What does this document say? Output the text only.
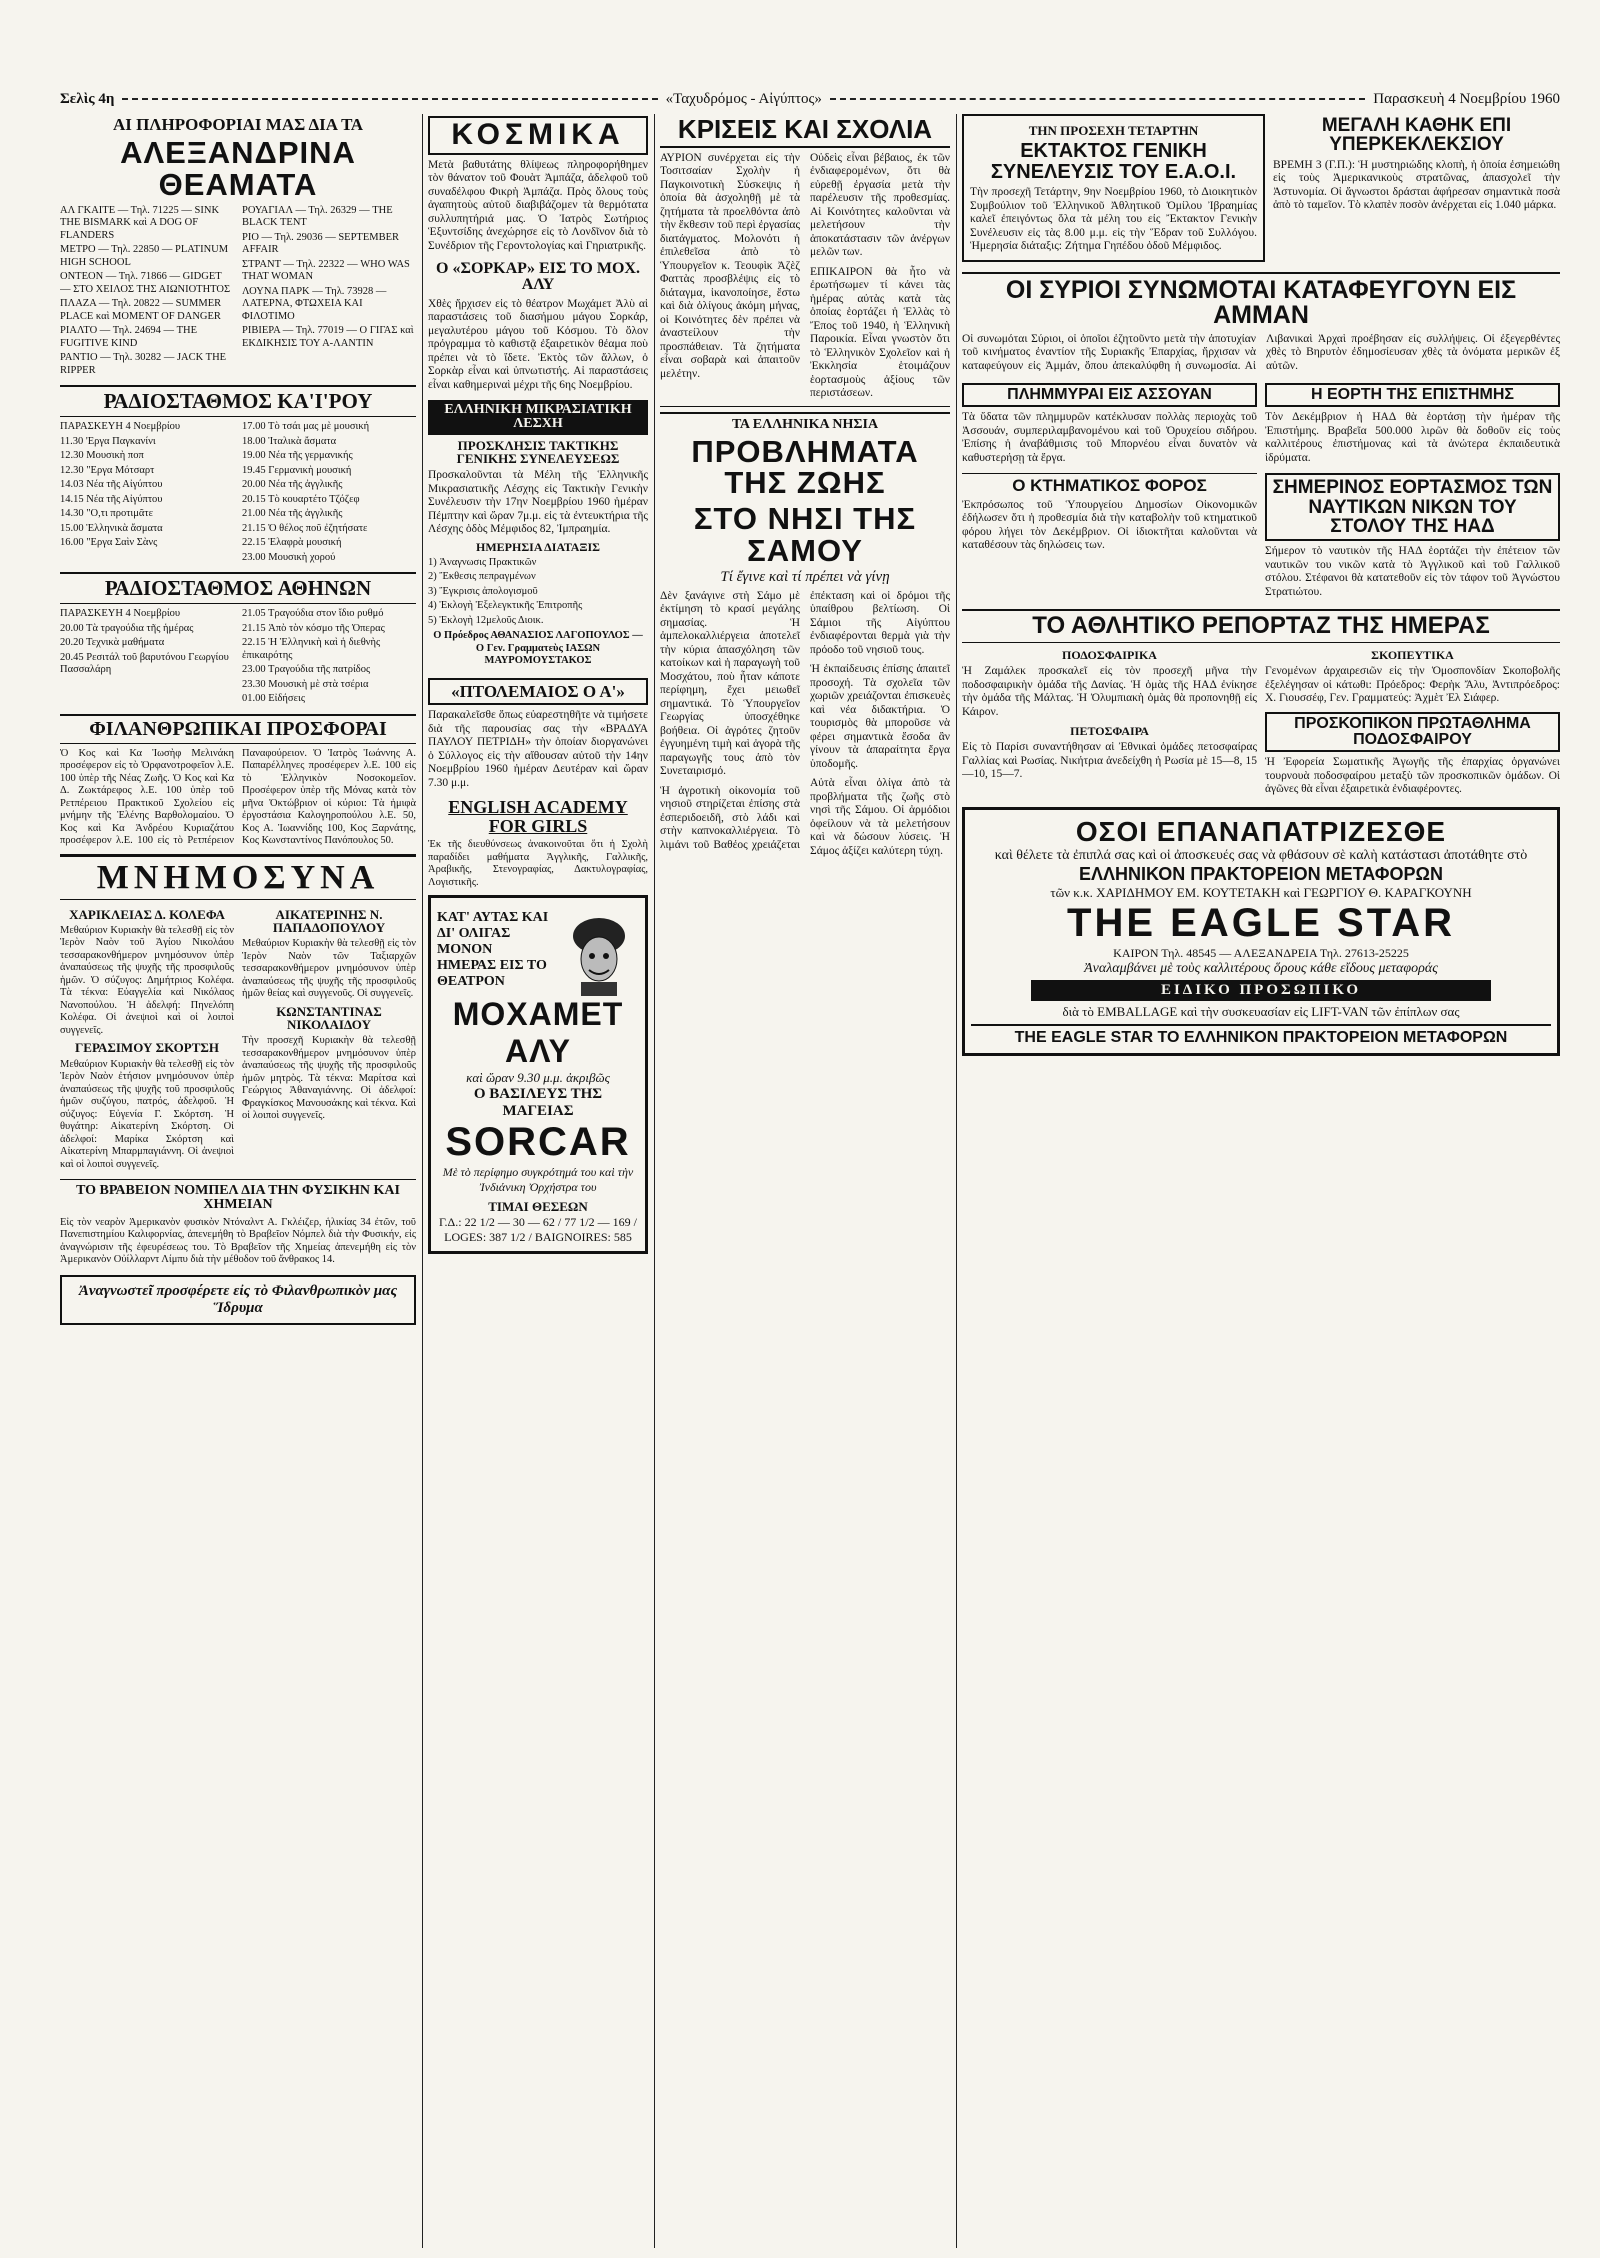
Σελὶς 4η	«Ταχυδρόμος - Αἰγύπτος»	Παρασκευὴ 4 Νοεμβρίου 1960
ΑΙ ΠΛΗΡΟΦΟΡΙΑΙ ΜΑΣ ΔΙΑ ΤΑ
ΑΛΕΞΑΝΔΡΙΝΑ ΘΕΑΜΑΤΑ
ΑΛ ΓΚΑΙΤΕ — Τηλ. 71225 — SINK THE BISMARK καὶ A DOG OF FLANDERS
ΜΕΤΡΟ — Τηλ. 22850 — PLATINUM HIGH SCHOOL
ΟΝΤΕΟΝ — Τηλ. 71866 — GIDGET — ΣΤΟ ΧΕΙΛΟΣ ΤΗΣ ΑΙΩΝΙΟΤΗΤΟΣ
ΠΛΑΖΑ — Τηλ. 20822 — SUMMER PLACE καὶ MOMENT OF DANGER
ΡΙΑΛΤΟ — Τηλ. 24694 — THE FUGITIVE KIND
ΡΑΝΤΙΟ — Τηλ. 30282 — JACK THE RIPPER
ΡΟΥΑΓΙΑΛ — Τηλ. 26329 — THE BLACK TENT
ΡΙΟ — Τηλ. 29036 — SEPTEMBER AFFAIR
ΣΤΡΑΝΤ — Τηλ. 22322 — WHO WAS THAT WOMAN
ΛΟΥΝΑ ΠΑΡΚ — Τηλ. 73928 — ΛΑΤΕΡΝΑ, ΦΤΩΧΕΙΑ ΚΑΙ ΦΙΛΟΤΙΜΟ
ΡΙΒΙΕΡΑ — Τηλ. 77019 — Ο ΓΙΓΑΣ καὶ ΕΚΔΙΚΗΣΙΣ ΤΟΥ Α-ΛΑΝΤΙΝ
ΡΑΔΙΟΣΤΑΘΜΟΣ ΚΑ'Ι'ΡΟΥ
ΠΑΡΑΣΚΕΥΗ 4 Νοεμβρίου
11.30 'Εργα Παγκανίνι
12.30 Μουσικὴ ποπ
12.30 "Εργα Μότσαρτ
14.03 Νέα τῆς Αἰγύπτου
14.15 Νέα τῆς Αἰγύπτου
14.30 "Ο,τι προτιμᾶτε
15.00 Ἑλληνικὰ ἄσματα
16.00 "Εργα Σαὶν Σὰνς
17.00 Τὸ τσάι μας μὲ μουσική
18.00 Ἰταλικὰ ἄσματα
19.00 Νέα τῆς γερμανικής
19.45 Γερμανικὴ μουσική
20.00 Νέα τῆς ἀγγλικῆς
20.15 Τὸ κουαρτέτο Τζόζεφ
21.00 Νέα τῆς ἀγγλικῆς
21.15 Ὁ θέλος ποῦ ἐζητήσατε
22.15 Ἐλαφρὰ μουσική
23.00 Μουσικὴ χορού
ΡΑΔΙΟΣΤΑΘΜΟΣ ΑΘΗΝΩΝ
ΠΑΡΑΣΚΕΥΗ 4 Νοεμβρίου
20.00 Τὰ τραγούδια τῆς ἡμέρας
20.20 Τεχνικὰ μαθήματα
20.45 Ρεσιτάλ τοῦ βαρυτόνου Γεωργίου Πασσαλάρη
21.05 Τραγούδια στον ἴδιο ρυθμό
21.15 Ἀπὸ τὸν κόσμο τῆς Ὀπερας
22.15 Ἡ Ἑλληνικὴ καὶ ἡ διεθνὴς ἐπικαιρότης
23.00 Τραγούδια τῆς πατρίδος
23.30 Μουσικὴ μὲ στὰ τσέρια
01.00 Εἰδήσεις
ΦΙΛΑΝΘΡΩΠΙΚΑΙ ΠΡΟΣΦΟΡΑΙ
Ὁ Κος καὶ Κα Ἰωσὴφ Μελινάκη προσέφερον εἰς τὸ Ὀρφανοτροφεῖον λ.Ε. 100 ὑπὲρ τῆς Νέας Ζωῆς. Ὁ Κος καὶ Κα Δ. Ζωκτάρεφος λ.Ε. 100 ὑπὲρ τοῦ Ρετπέρειου Πρακτικοῦ Σχολείου εἰς μνήμην τῆς Ἑλένης Βαρθολομαίου. Ὁ Κος καὶ Κα Ἀνδρέου Κυριαζάτου προσέφερον λ.Ε. 100 εἰς τὸ Ρετπέρειον Παναφούρειον. Ὁ Ἰατρὸς Ἰωάννης Α. Παπαρέλληνες προσέφερεν λ.Ε. 100 εἰς τὸ Ἑλληνικὸν Νοσοκομεῖον. Προσέφερον ὑπὲρ τῆς Μόνας κατὰ τὸν μῆνα Ὀκτώβριον οἱ κύριοι: Τὰ ἡμιφὰ ἐργοστάσια Καλογηροπούλου λ.Ε. 50, Κος Α. Ἰωαννίδης 100, Κος Ξαρνάτης, Κος Κωνσταντίνος Πανόπουλος 50.
ΜΝΗΜΟΣΥΝΑ
ΧΑΡΙΚΛΕΙΑΣ Δ. ΚΟΛΕΦΑ
Μεθαύριον Κυριακὴν θὰ τελεσθῇ εἰς τὸν Ἱερὸν Ναὸν τοῦ Ἁγίου Νικολάου τεσσαρακονθήμερον μνημόσυνον ὑπὲρ ἀναπαύσεως τῆς ψυχῆς τῆς προσφιλοῦς ἡμῶν. Ὁ σύζυγος: Δημήτριος Κολέφα. Τὰ τέκνα: Εὐαγγελία καὶ Νικόλαος Νανοπούλου. Ἡ ἀδελφή: Πηνελόπη Κολέφα. Οἱ ἀνεψιοὶ καὶ οἱ λοιποὶ συγγενεῖς.
ΓΕΡΑΣΙΜΟΥ ΣΚΟΡΤΣΗ
Μεθαύριον Κυριακὴν θὰ τελεσθῇ εἰς τὸν Ἱερὸν Ναὸν ἐτήσιον μνημόσυνον ὑπὲρ ἀναπαύσεως τῆς ψυχῆς τοῦ προσφιλοῦς ἡμῶν συζύγου, πατρός, ἀδελφοῦ. Ἡ σύζυγος: Εὐγενία Γ. Σκόρτση. Ἡ θυγάτηρ: Αἰκατερίνη Σκόρτση. Οἱ ἀδελφοί: Μαρίκα Σκόρτση καὶ Αἰκατερίνη Μπαρμπαγιάννη. Οἱ ἀνεψιοὶ καὶ οἱ λοιποὶ συγγενεῖς.
ΑΙΚΑΤΕΡΙΝΗΣ Ν. ΠΑΠΑΔΟΠΟΥΛΟΥ
Μεθαύριον Κυριακὴν θὰ τελεσθῇ εἰς τὸν Ἱερὸν Ναὸν τῶν Ταξιαρχῶν τεσσαρακονθήμερον μνημόσυνον ὑπὲρ ἀναπαύσεως τῆς ψυχῆς τῆς προσφιλοῦς ἡμῶν θείας καὶ συγγενοῦς. Οἱ συγγενεῖς.
ΚΩΝΣΤΑΝΤΙΝΑΣ ΝΙΚΟΛΑΙΔΟΥ
Τὴν προσεχῆ Κυριακὴν θὰ τελεσθῇ τεσσαρακονθήμερον μνημόσυνον ὑπὲρ ἀναπαύσεως τῆς ψυχῆς τῆς προσφιλοῦς ἡμῶν μητρὸς. Τὰ τέκνα: Μαρίτσα καὶ Γεώργιος Ἀθαναγιάννης. Οἱ ἀδελφοί: Φραγκίσκος Μανουσάκης καὶ τέκνα. Καὶ οἱ λοιποὶ συγγενεῖς.
ΤΟ ΒΡΑΒΕΙΟΝ ΝΟΜΠΕΛ ΔΙΑ ΤΗΝ ΦΥΣΙΚΗΝ ΚΑΙ ΧΗΜΕΙΑΝ
Εἰς τὸν νεαρὸν Ἀμερικανὸν φυσικὸν Ντόναλντ Α. Γκλέιζερ, ἡλικίας 34 ἐτῶν, τοῦ Πανεπιστημίου Καλιφορνίας, ἀπενεμήθη τὸ Βραβεῖον Νόμπελ διὰ τὴν Φυσικήν, εἰς ἀναγνώρισιν τῆς ἐφευρέσεως του. Τὸ Βραβεῖον τῆς Χημείας ἀπενεμήθη εἰς τὸν Ἀμερικανὸν Οὐίλλαρντ Λίμπυ διὰ τὴν μέθοδον τοῦ ἄνθρακος 14.
Ἀναγνωστεῖ προσφέρετε εἰς τὸ Φιλανθρωπικὸν μας Ἵδρυμα
ΚΟΣΜΙΚΑ
Μετὰ βαθυτάτης θλίψεως πληροφορήθημεν τὸν θάνατον τοῦ Φουὰτ Ἀμπάζα, ἀδελφοῦ τοῦ συναδέλφου Φικρὴ Ἀμπάζα. Πρὸς ὅλους τοὺς ἀγαπητοὺς αὐτοῦ διαβιβάζομεν τὰ θερμότατα συλλυπητήριά μας. Ὁ Ἰατρὸς Σωτήριος Ἑξυντσίδης ἀνεχώρησε εἰς τὸ Λονδῖνον διὰ τὸ Συνέδριον τῆς Γεροντολογίας καὶ Γηριατρικῆς.
Ο «ΣΟΡΚΑΡ» ΕΙΣ ΤΟ ΜΟΧ. ΑΛΥ
Χθὲς ἤρχισεν εἰς τὸ θέατρον Μωχάμετ Ἀλὺ αἱ παραστάσεις τοῦ διασήμου μάγου Σορκάρ, μεγαλυτέρου μάγου τοῦ Κόσμου. Τὸ ὅλον πρόγραμμα τὸ καθιστᾷ ἐξαιρετικὸν θέαμα ποὺ πρέπει νὰ τὸ ἴδετε. Ἐκτὸς τῶν ἄλλων, ὁ Σορκὰρ εἶναι καὶ ὑπνωτιστής. Αἱ παραστάσεις εἶναι καθημεριναὶ μέχρι τῆς 6ης Νοεμβρίου.
ΕΛΛΗΝΙΚΗ ΜΙΚΡΑΣΙΑΤΙΚΗ ΛΕΣΧΗ
ΠΡΟΣΚΛΗΣΙΣ ΤΑΚΤΙΚΗΣ ΓΕΝΙΚΗΣ ΣΥΝΕΛΕΥΣΕΩΣ
Προσκαλοῦνται τὰ Μέλη τῆς Ἑλληνικῆς Μικρασιατικῆς Λέσχης εἰς Τακτικὴν Γενικὴν Συνέλευσιν τὴν 17ην Νοεμβρίου 1960 ἡμέραν Πέμπτην καὶ ὥραν 7μ.μ. εἰς τὰ ἐντευκτήρια τῆς Λέσχης ὁδὸς Μέμφιδος 82, Ἰμπραημία.
ΗΜΕΡΗΣΙΑ ΔΙΑΤΑΞΙΣ
1) Ἀναγνωσις Πρακτικῶν
2) Ἔκθεσις πεπραγμένων
3) Ἔγκρισις ἀπολογισμοῦ
4) Ἐκλογὴ Ἐξελεγκτικῆς Ἐπιτροπῆς
5) Ἐκλογὴ 12μελοῦς Διοικ.
Ο Πρόεδρος ΑΘΑΝΑΣΙΟΣ ΛΑΓΟΠΟΥΛΟΣ — Ο Γεν. Γραμματεὺς ΙΑΣΩΝ ΜΑΥΡΟΜΟΥΣΤΑΚΟΣ
«ΠΤΟΛΕΜΑΙΟΣ Ο Α'»
Παρακαλεῖσθε ὅπως εὐαρεστηθῆτε νὰ τιμήσετε διὰ τῆς παρουσίας σας τὴν «ΒΡΑΔΥΑ ΠΑΥΛΟΥ ΠΕΤΡΙΔΗ» τὴν ὁποίαν διοργανώνει ὁ Σύλλογος εἰς τὴν αἴθουσαν αὐτοῦ τὴν 14ην Νοεμβρίου 1960 ἡμέραν Δευτέραν καὶ ὥραν 7.30 μ.μ.
ENGLISH ACADEMY FOR GIRLS
Ἐκ τῆς διευθύνσεως ἀνακοινοῦται ὅτι ἡ Σχολὴ παραδίδει μαθήματα Ἀγγλικῆς, Γαλλικῆς, Ἀραβικῆς, Στενογραφίας, Δακτυλογραφίας, Λογιστικῆς.
ΚΑΤ' ΑΥΤΑΣ ΚΑΙ ΔΙ' ΟΛΙΓΑΣ ΜΟΝΟΝ ΗΜΕΡΑΣ ΕΙΣ ΤΟ ΘΕΑΤΡΟΝ
ΜΟΧΑΜΕΤ ΑΛΥ
καὶ ὥραν 9.30 μ.μ. ἀκριβῶς
Ο ΒΑΣΙΛΕΥΣ ΤΗΣ ΜΑΓΕΙΑΣ
SORCAR
Μὲ τὸ περίφημο συγκρότημά του καὶ τὴν Ἰνδιάνικη Ὀρχήστρα του
ΤΙΜΑΙ ΘΕΣΕΩΝ
Γ.Δ.: 22 1/2 — 30 — 62 / 77 1/2 — 169 / LOGES: 387 1/2 / BAIGNOIRES: 585
ΚΡΙΣΕΙΣ ΚΑΙ ΣΧΟΛΙΑ

ΑΥΡΙΟΝ συνέρχεται εἰς τὴν Τοσιτσαίαν Σχολὴν ἡ Παγκοινοτικὴ Σύσκεψις ἡ ὁποία θὰ ἀσχοληθῇ μὲ τὰ ζητήματα τὰ προελθόντα ἀπὸ τὴν ἔκθεσιν τοῦ περὶ ἐργασίας διατάγματος. Μολονότι ἡ ἐπιλεθεῖσα ἀπὸ τὸ Ὑπουργεῖον κ. Τεουφὶκ Ἀζὲζ Φαττὰς προσβλέψις εἰς τὸ διάταγμα, ἱκανοποίησε, ἔστω καὶ διὰ ὀλίγους ἀκόμη μήνας, οἱ Κοινότητες δὲν πρέπει νὰ ἀναστείλουν τὴν προσπάθειαν. Τὰ ζητήματα εἶναι σοβαρὰ καὶ ἀπαιτοῦν μελέτην.

Οὐδεὶς εἶναι βέβαιος, ἐκ τῶν ἐνδιαφερομένων, ὅτι θὰ εὐρεθῇ ἐργασία μετὰ τὴν παρέλευσιν τῆς προθεσμίας. Αἱ Κοινότητες καλοῦνται νὰ μελετήσουν τὴν ἀποκατάστασιν τῶν ἀνέργων μελῶν των.

ΕΠΙΚΑΙΡΟΝ θὰ ἦτο νὰ ἐρωτήσωμεν τί κάνει τὰς ἡμέρας αὐτὰς κατὰ τὰς ὁποίας ἑορτάζει ἡ Ἑλλὰς τὸ Ἔπος τοῦ 1940, ἡ Ἑλληνικὴ Παροικία. Εἶναι γνωστὸν ὅτι τὸ Ἑλληνικὸν Σχολεῖον καὶ ἡ Ἐκκλησία ἑτοιμάζουν ἑορτασμοὺς ἀξίους τῶν περιστάσεων.

ΤΑ ΕΛΛΗΝΙΚΑ ΝΗΣΙΑ
ΠΡΟΒΛΗΜΑΤΑ ΤΗΣ ΖΩΗΣ
ΣΤΟ ΝΗΣΙ ΤΗΣ ΣΑΜΟΥ
Τί ἔγινε καὶ τί πρέπει νὰ γίνῃ

Δὲν ξανάγινε στὴ Σάμο μὲ ἐκτίμηση τὸ κρασί μεγάλης σημασίας. Ἡ ἀμπελοκαλλιέργεια ἀποτελεῖ τὴν κύρια ἀπασχόληση τῶν κατοίκων καὶ ἡ παραγωγὴ τοῦ Μοσχάτου, ποὺ ἦταν κάποτε περίφημη, ἔχει μειωθεῖ σημαντικά. Τὸ Ὑπουργεῖον Γεωργίας ὑποσχέθηκε βοήθεια. Οἱ ἀγρότες ζητοῦν ἐγγυημένη τιμὴ καὶ ἀγορὰ τῆς παραγωγῆς τους ἀπὸ τὸν Συνεταιρισμό.

Ἡ ἀγροτικὴ οἰκονομία τοῦ νησιοῦ στηρίζεται ἐπίσης στὰ ἐσπεριδοειδῆ, στὸ λάδι καὶ στὴν καπνοκαλλιέργεια. Τὸ λιμάνι τοῦ Βαθέος χρειάζεται ἐπέκταση καὶ οἱ δρόμοι τῆς ὑπαίθρου βελτίωση. Οἱ Σάμιοι τῆς Αἰγύπτου ἐνδιαφέρονται θερμὰ γιὰ τὴν πρόοδο τοῦ νησιοῦ τους.

Ἡ ἐκπαίδευσις ἐπίσης ἀπαιτεῖ προσοχή. Τὰ σχολεῖα τῶν χωριῶν χρειάζονται ἐπισκευὲς καὶ νέα διδακτήρια. Ὁ τουρισμὸς θὰ μποροῦσε νὰ φέρει σημαντικὰ ἔσοδα ἂν γίνουν τὰ ἀπαραίτητα ἔργα ὑποδομῆς.

Αὐτὰ εἶναι ὀλίγα ἀπὸ τὰ προβλήματα τῆς ζωῆς στὸ νησὶ τῆς Σάμου. Οἱ ἁρμόδιοι ὀφείλουν νὰ τὰ μελετήσουν καὶ νὰ δώσουν λύσεις. Ἡ Σάμος ἀξίζει καλύτερη τύχη.

ΤΗΝ ΠΡΟΣΕΧΗ ΤΕΤΑΡΤΗΝ
ΕΚΤΑΚΤΟΣ ΓΕΝΙΚΗ ΣΥΝΕΛΕΥΣΙΣ ΤΟΥ Ε.Α.Ο.Ι.
Τὴν προσεχῆ Τετάρτην, 9ην Νοεμβρίου 1960, τὸ Διοικητικὸν Συμβούλιον τοῦ Ἑλληνικοῦ Ἀθλητικοῦ Ὁμίλου Ἰβραημίας καλεῖ ἐπειγόντως ὅλα τὰ μέλη του εἰς Ἔκτακτον Γενικὴν Συνέλευσιν εἰς τὰς 8.00 μ.μ. εἰς τὴν Ἕδραν τοῦ Συλλόγου. Ἡμερησία διάταξις: Ζήτημα Γηπέδου ὁδοῦ Μέμφιδος.
ΜΕΓΑΛΗ ΚΑΘΗΚ ΕΠΙ ΥΠΕΡΚΕΚΛΕΚΣΙΟΥ
ΒΡΕΜΗ 3 (Γ.Π.): Ἡ μυστηριώδης κλοπὴ, ἡ ὁποία ἐσημειώθη εἰς τοὺς Ἀμερικανικοὺς στρατῶνας, ἀπασχολεῖ τὴν Ἀστυνομία. Οἱ ἄγνωστοι δράσται ἀφήρεσαν σημαντικὰ ποσὰ ἀπὸ τὸ ταμεῖον. Τὸ κλαπὲν ποσὸν ἀνέρχεται εἰς 1.040 μάρκα.
ΟΙ ΣΥΡΙΟΙ ΣΥΝΩΜΟΤΑΙ ΚΑΤΑΦΕΥΓΟΥΝ ΕΙΣ ΑΜΜΑΝ
Οἱ συνωμόται Σύριοι, οἱ ὁποῖοι ἐζητοῦντο μετὰ τὴν ἀποτυχίαν τοῦ κινήματος ἐναντίον τῆς Συριακῆς Ἐπαρχίας, ἤρχισαν νὰ καταφεύγουν εἰς Ἀμμάν, ὅπου ἀπεκαλύφθη ἡ συνωμοσία. Αἱ Λιβανικαὶ Ἀρχαὶ προέβησαν εἰς συλλήψεις. Οἱ ἐξεγερθέντες χθὲς τὸ Βηρυτὸν ἐδημοσίευσαν χθὲς τὰ ὀνόματα μερικῶν ἐξ αὐτῶν.
ΠΛΗΜΜΥΡΑΙ ΕΙΣ ΑΣΣΟΥΑΝ
Τὰ ὕδατα τῶν πλημμυρῶν κατέκλυσαν πολλὰς περιοχὰς τοῦ Ἀσσουάν, συμπεριλαμβανομένου καὶ τοῦ Ὀρυχείου σιδήρου. Ἐπίσης ἡ ἀναβάθμισις τοῦ Μπορνέου εἶναι δυνατὸν νὰ καθυστερήσῃ τὰ ἔργα.
Ο ΚΤΗΜΑΤΙΚΟΣ ΦΟΡΟΣ
Ἐκπρόσωπος τοῦ Ὑπουργείου Δημοσίων Οἰκονομικῶν ἐδήλωσεν ὅτι ἡ προθεσμία διὰ τὴν καταβολὴν τοῦ κτηματικοῦ φόρου λήγει τὸν Δεκέμβριον. Οἱ ἰδιοκτῆται καλοῦνται νὰ καταθέσουν τὰς δηλώσεις των.
Η ΕΟΡΤΗ ΤΗΣ ΕΠΙΣΤΗΜΗΣ
Τὸν Δεκέμβριον ἡ ΗΑΔ θὰ ἑορτάσῃ τὴν ἡμέραν τῆς Ἐπιστήμης. Βραβεῖα 500.000 λιρῶν θὰ δοθοῦν εἰς τοὺς καλλιτέρους ἐπιστήμονας καὶ τὰ ἀνώτερα ἐκπαιδευτικὰ ἱδρύματα.
ΣΗΜΕΡΙΝΟΣ ΕΟΡΤΑΣΜΟΣ ΤΩΝ ΝΑΥΤΙΚΩΝ ΝΙΚΩΝ ΤΟΥ ΣΤΟΛΟΥ ΤΗΣ ΗΑΔ
Σήμερον τὸ ναυτικὸν τῆς ΗΑΔ ἑορτάζει τὴν ἐπέτειον τῶν ναυτικῶν του νικῶν κατὰ τὸ Ἀγγλικοῦ καὶ τοῦ Γαλλικοῦ στόλου. Στέφανοι θὰ κατατεθοῦν εἰς τὸν τάφον τοῦ Ἀγνώστου Στρατιώτου.
ΤΟ ΑΘΛΗΤΙΚΟ ΡΕΠΟΡΤΑΖ ΤΗΣ ΗΜΕΡΑΣ
ΠΟΔΟΣΦΑΙΡΙΚΑ
Ἡ Ζαμάλεκ προσκαλεῖ εἰς τὸν προσεχῆ μῆνα τὴν ποδοσφαιρικὴν ὁμάδα τῆς Δανίας. Ἡ ὁμὰς τῆς ΗΑΔ ἐνίκησε τὴν ὁμάδα τῆς Μάλτας. Ἡ Ὀλυμπιακὴ ὁμὰς θὰ προπονηθῇ εἰς Κάιρον.
ΠΕΤΟΣΦΑΙΡΑ
Εἰς τὸ Παρίσι συναντήθησαν αἱ Ἐθνικαὶ ὁμάδες πετοσφαίρας Γαλλίας καὶ Ρωσίας. Νικήτρια ἀνεδείχθη ἡ Ρωσία μὲ 15—8, 15—10, 15—7.
ΣΚΟΠΕΥΤΙΚΑ
Γενομένων ἀρχαιρεσιῶν εἰς τὴν Ὁμοσπονδίαν Σκοποβολῆς ἐξελέγησαν οἱ κάτωθι: Πρόεδρος: Φερὴκ Ἄλυ, Ἀντιπρόεδρος: Χ. Γιουσσέφ, Γεν. Γραμματεύς: Ἀχμὲτ Ἐλ Σιάφερ.
ΠΡΟΣΚΟΠΙΚΟΝ ΠΡΩΤΑΘΛΗΜΑ ΠΟΔΟΣΦΑΙΡΟΥ
Ἡ Ἐφορεία Σωματικῆς Ἀγωγῆς τῆς ἐπαρχίας ὀργανώνει τουρνουὰ ποδοσφαίρου μεταξὺ τῶν προσκοπικῶν ὁμάδων. Οἱ ἀγῶνες θὰ εἶναι ἐξαιρετικὰ ἐνδιαφέροντες.
ΟΣΟΙ ΕΠΑΝΑΠΑΤΡΙΖΕΣΘΕ
καὶ θέλετε τὰ ἐπιπλά σας καὶ οἱ ἀποσκευές σας νὰ φθάσουν σὲ καλὴ κατάστασι ἀποτάθητε στὸ
ΕΛΛΗΝΙΚΟΝ ΠΡΑΚΤΟΡΕΙΟΝ ΜΕΤΑΦΟΡΩΝ
τῶν κ.κ. ΧΑΡΙΔΗΜΟΥ ΕΜ. ΚΟΥΤΕΤΑΚΗ καὶ ΓΕΩΡΓΙΟΥ Θ. ΚΑΡΑΓΚΟΥΝΗ
THE EAGLE STAR
ΚΑΙΡΟΝ Τηλ. 48545 — ΑΛΕΞΑΝΔΡΕΙΑ Τηλ. 27613-25225
Ἀναλαμβάνει μὲ τοὺς καλλιτέρους ὅρους κάθε εἴδους μεταφοράς
ΕΙΔΙΚΟ ΠΡΟΣΩΠΙΚΟ
διὰ τὸ EMBALLAGE καὶ τὴν συσκευασίαν εἰς LIFT-VAN τῶν ἐπίπλων σας
THE EAGLE STAR ΤΟ ΕΛΛΗΝΙΚΟΝ ΠΡΑΚΤΟΡΕΙΟΝ ΜΕΤΑΦΟΡΩΝ
